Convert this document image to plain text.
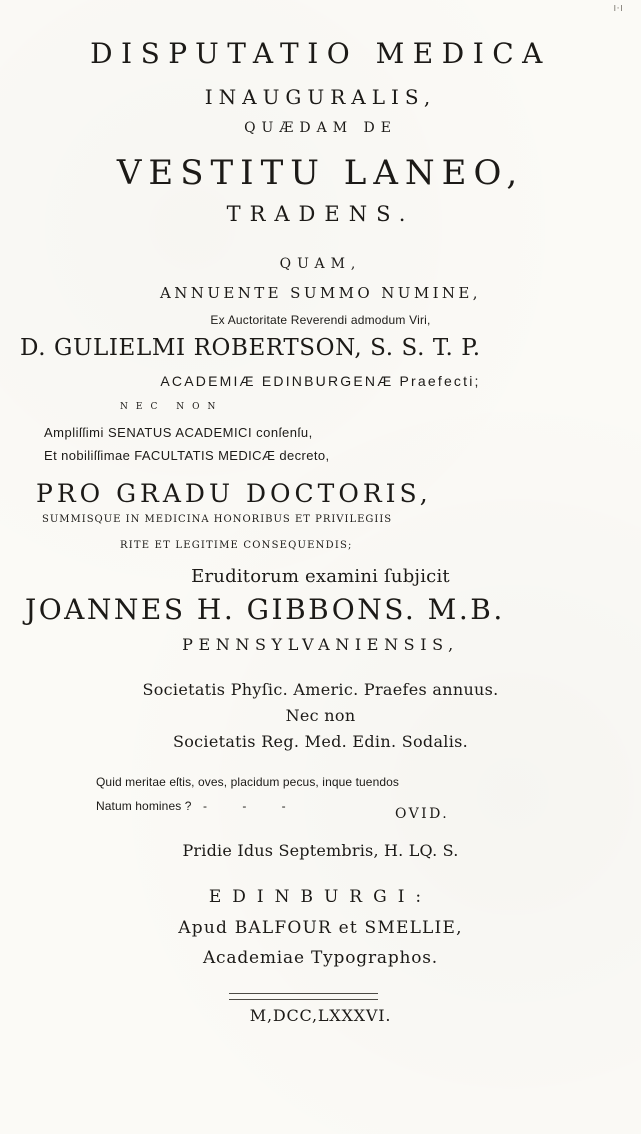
ı·ı
DISPUTATIO MEDICA
INAUGURALIS,
QUÆDAM DE
VESTITU LANEO,
TRADENS.
QUAM,
ANNUENTE SUMMO NUMINE,
Ex Auctoritate Reverendi admodum Viri,
D. GULIELMI ROBERTSON, S. S. T. P.
ACADEMIÆ EDINBURGENÆ Praefecti;
NEC NON
Ampliſſimi SENATUS ACADEMICI conſenſu,
Et nobiliſſimae FACULTATIS MEDICÆ decreto,
PRO GRADU DOCTORIS,
SUMMISQUE IN MEDICINA HONORIBUS ET PRIVILEGIIS
RITE ET LEGITIME CONSEQUENDIS;
Eruditorum examini ſubjicit
JOANNES H. GIBBONS. M.B.
PENNSYLVANIENSIS,
Societatis Phyſic. Americ. Praefes annuus.
Nec non
Societatis Reg. Med. Edin. Sodalis.
Quid meritae eſtis, oves, placidum pecus, inque tuendos
Natum homines ? - - -	OVID.
Pridie Idus Septembris, H. LQ. S.
EDINBURGI:
Apud BALFOUR et SMELLIE,
Academiae Typographos.
M,DCC,LXXXVI.
